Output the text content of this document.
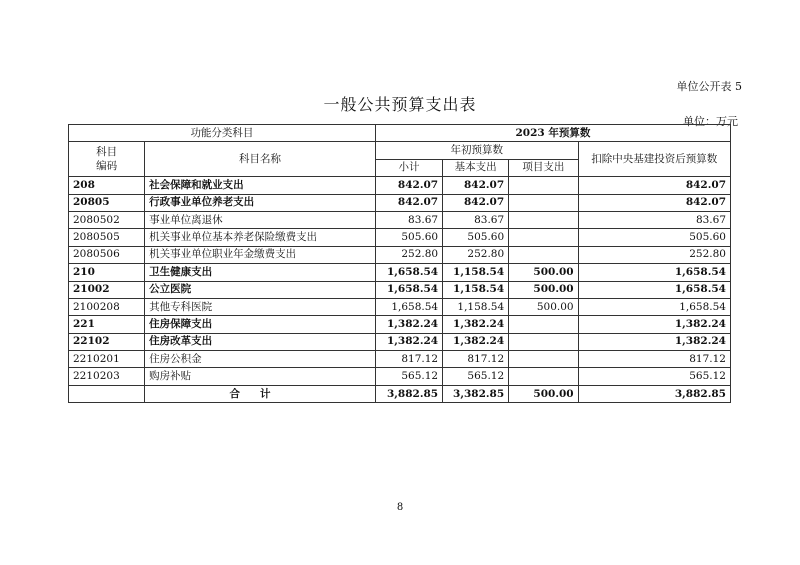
单位公开表 5
一般公共预算支出表
单位：万元
功能分类科目		2023 年预算数			
科目
编码	科目名称	年初预算数			扣除中央基建投资后预算数
		小计	基本支出	项目支出	
208	社会保障和就业支出	842.07	842.07		842.07
20805	行政事业单位养老支出	842.07	842.07		842.07
2080502	事业单位离退休	83.67	83.67		83.67
2080505	机关事业单位基本养老保险缴费支出	505.60	505.60		505.60
2080506	机关事业单位职业年金缴费支出	252.80	252.80		252.80
210	卫生健康支出	1,658.54	1,158.54	500.00	1,658.54
21002	公立医院	1,658.54	1,158.54	500.00	1,658.54
2100208	其他专科医院	1,658.54	1,158.54	500.00	1,658.54
221	住房保障支出	1,382.24	1,382.24		1,382.24
22102	住房改革支出	1,382.24	1,382.24		1,382.24
2210201	住房公积金	817.12	817.12		817.12
2210203	购房补贴	565.12	565.12		565.12
	合计	3,882.85	3,382.85	500.00	3,882.85
8
